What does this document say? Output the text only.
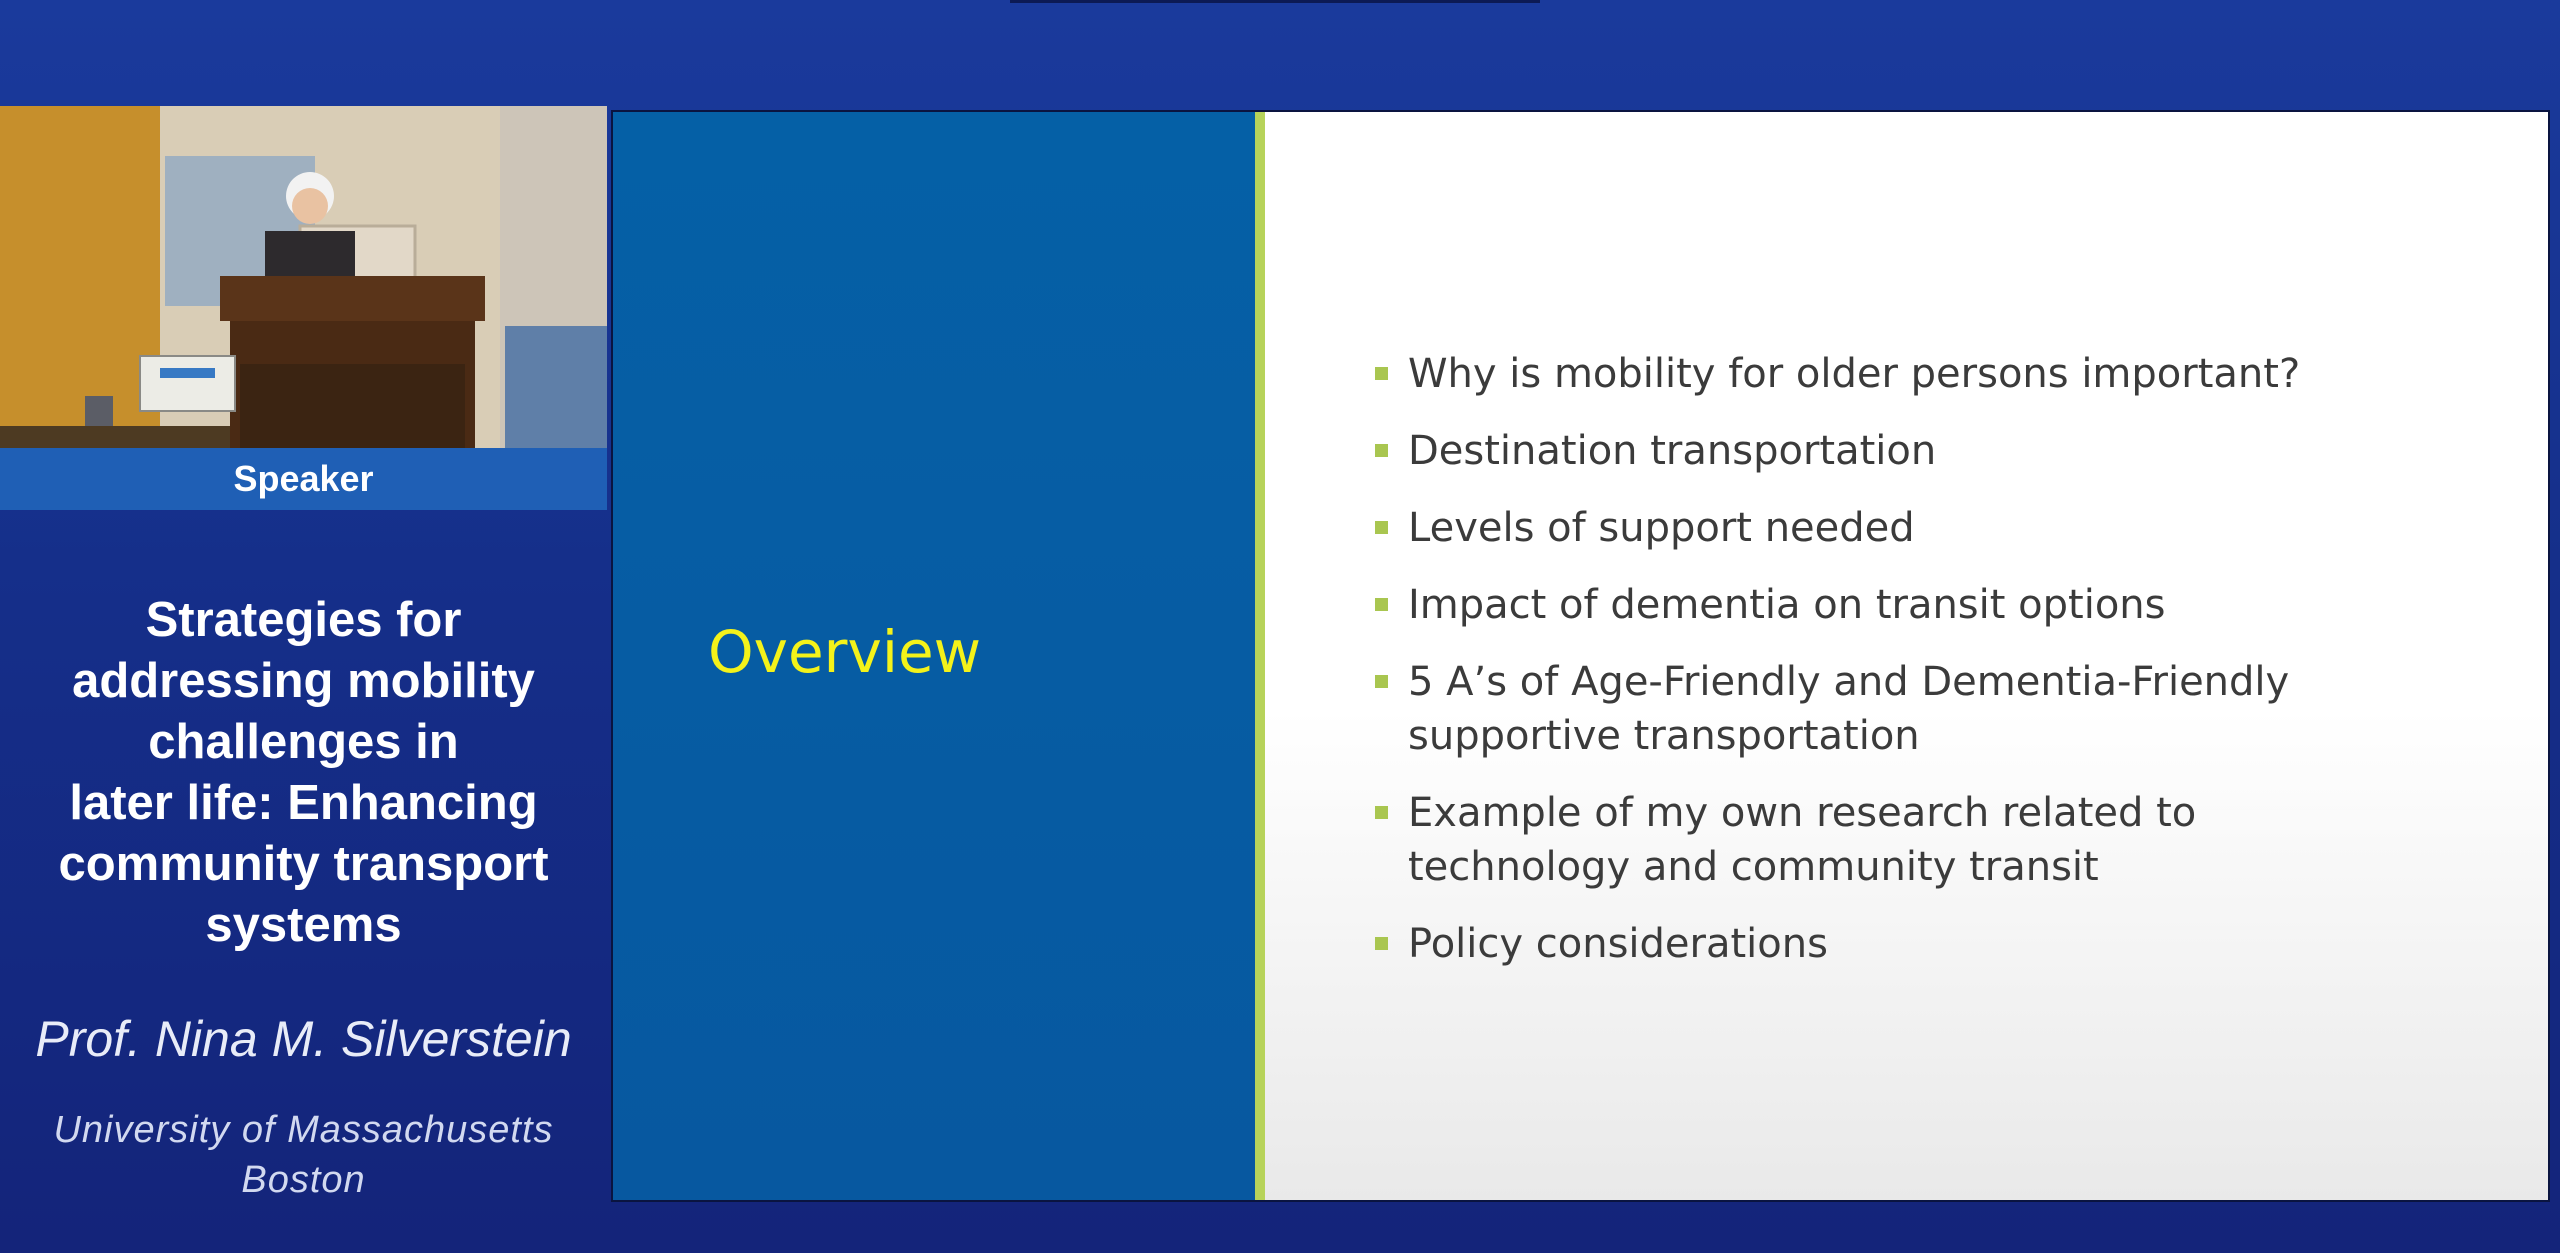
Speaker
Strategies for
addressing mobility
challenges in
later life: Enhancing
community transport
systems
Prof. Nina M. Silverstein
University of Massachusetts
Boston
Overview
Why is mobility for older persons important?
Destination transportation
Levels of support needed
Impact of dementia on transit options
5 A’s of Age-Friendly and Dementia-Friendly
supportive transportation
Example of my own research related to
technology and community transit
Policy considerations
